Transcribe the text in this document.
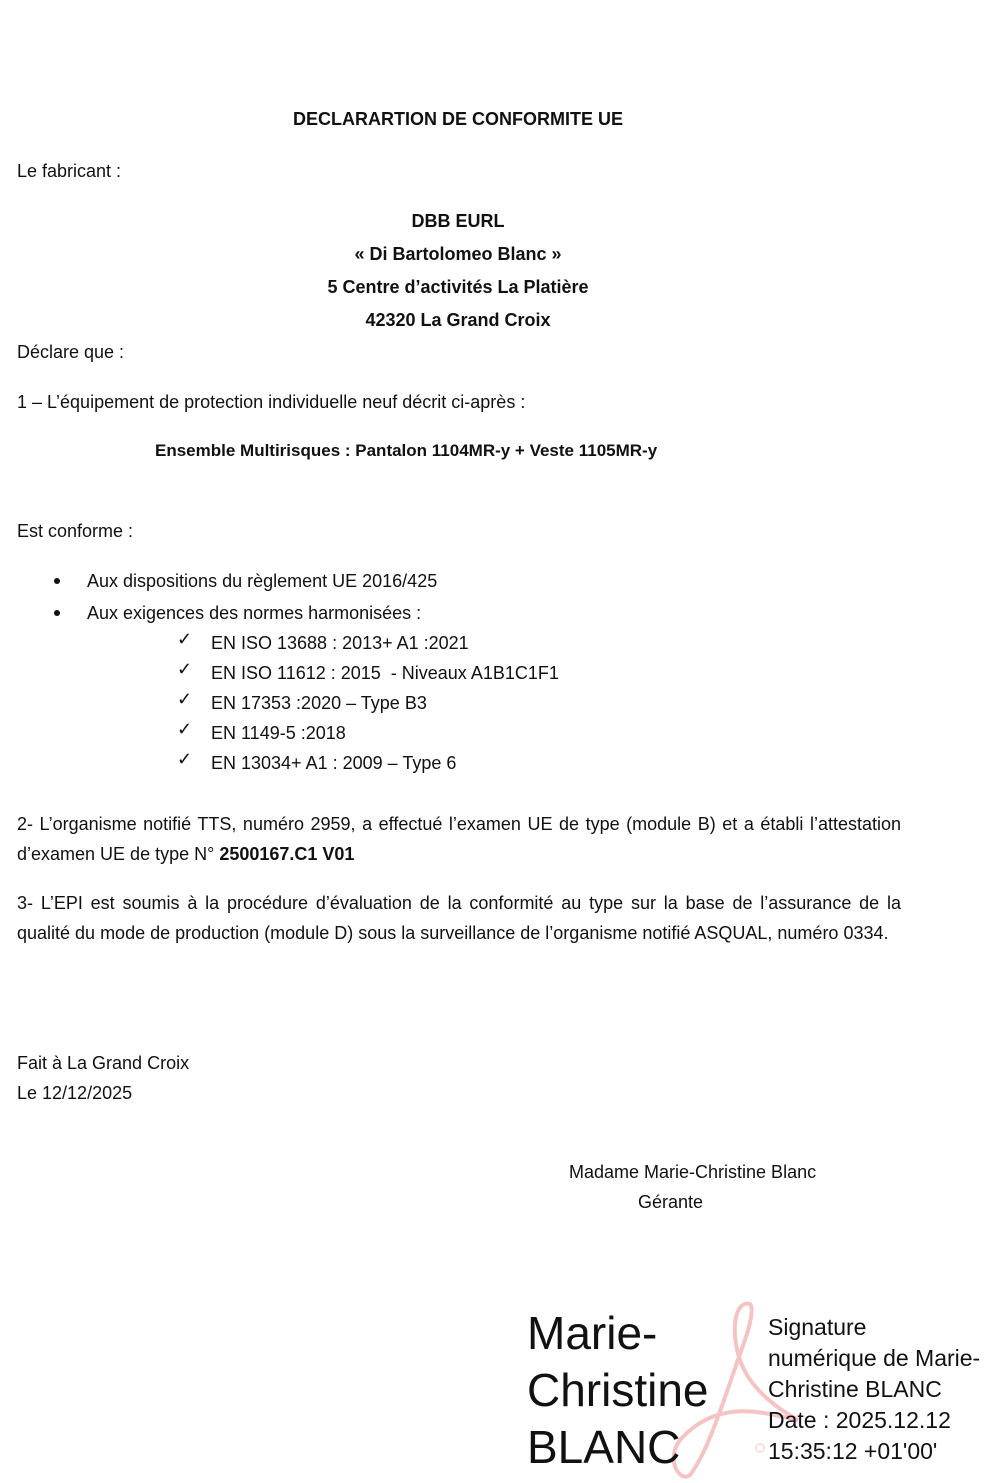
DECLARARTION DE CONFORMITE UE
Le fabricant :
DBB EURL
« Di Bartolomeo Blanc »
5 Centre d’activités La Platière
42320 La Grand Croix
Déclare que :
1 – L’équipement de protection individuelle neuf décrit ci-après :
Ensemble Multirisques : Pantalon 1104MR-y + Veste 1105MR-y
Est conforme :
Aux dispositions du règlement UE 2016/425
Aux exigences des normes harmonisées :
✓ EN ISO 13688 : 2013+ A1 :2021
✓ EN ISO 11612 : 2015  - Niveaux A1B1C1F1
✓ EN 17353 :2020 – Type B3
✓ EN 1149-5 :2018
✓ EN 13034+ A1 : 2009 – Type 6
2- L’organisme notifié TTS, numéro 2959, a effectué l’examen UE de type (module B) et a établi l’attestation d’examen UE de type N° 2500167.C1 V01
3- L’EPI est soumis à la procédure d’évaluation de la conformité au type sur la base de l’assurance de la qualité du mode de production (module D) sous la surveillance de l’organisme notifié ASQUAL, numéro 0334.
Fait à La Grand Croix
Le 12/12/2025
Madame Marie-Christine Blanc
Gérante
Marie-
Christine
BLANC
Signature
numérique de Marie-
Christine BLANC
Date : 2025.12.12
15:35:12 +01'00'
